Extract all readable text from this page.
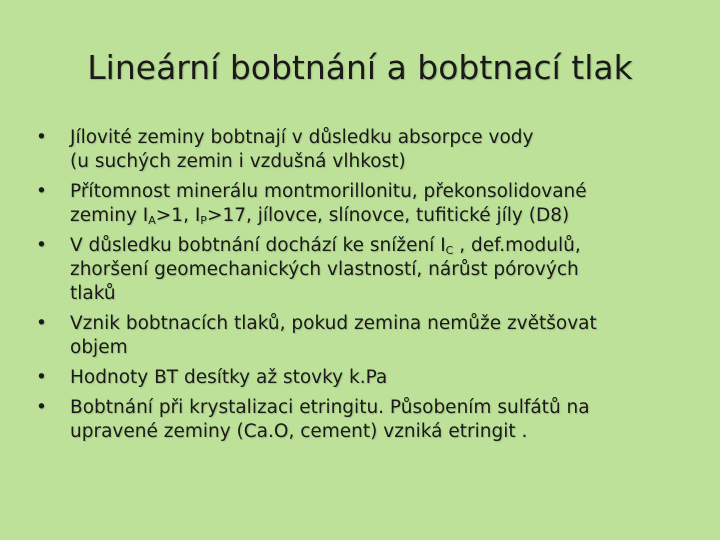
Lineární bobtnání a bobtnací tlak
•	Jílovité zeminy bobtnají v důsledku absorpce vody
(u suchých zemin i vzdušná vlhkost)
•	Přítomnost minerálu montmorillonitu, překonsolidované
zeminy $I_A>1$, $I_P>17$, jílovce, slínovce, tufitické jíly (D8)
•	V důsledku bobtnání dochází ke snížení $I_C$ , def.modulů,
zhoršení geomechanických vlastností, nárůst pórových
tlaků
•	Vznik bobtnacích tlaků, pokud zemina nemůže zvětšovat
objem
•	Hodnoty BT desítky až stovky k.Pa
•	Bobtnání při krystalizaci etringitu. Působením sulfátů na
upravené zeminy (Ca.O, cement) vzniká etringit .
